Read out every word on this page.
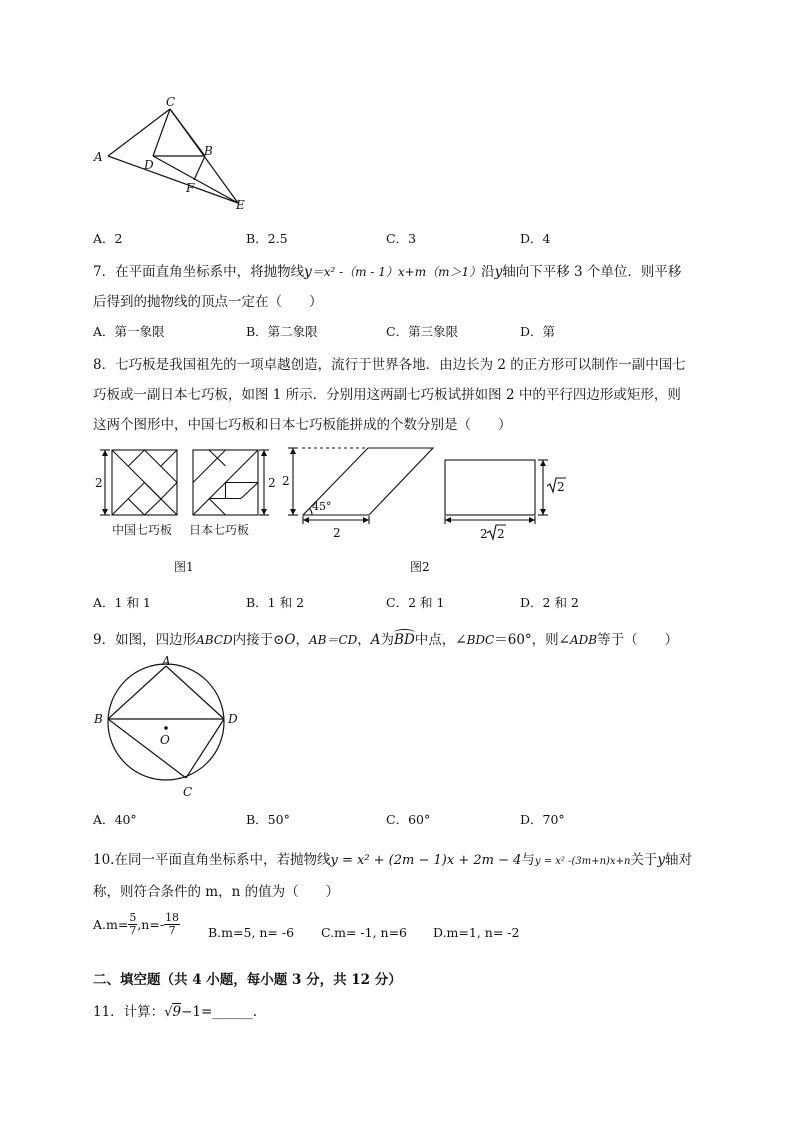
A
C
B
D
F
E
A．2	B．2.5	C．3	D．4
7．在平面直角坐标系中，将抛物线y＝x² -（m - 1）x+m（m＞1）沿y轴向下平移 3 个单位．则平移
后得到的抛物线的顶点一定在（　　）
A．第一象限	B．第二象限	C．第三象限	D．第
8．七巧板是我国祖先的一项卓越创造，流行于世界各地．由边长为 2 的正方形可以制作一副中国七
巧板或一副日本七巧板，如图 1 所示．分别用这两副七巧板试拼如图 2 中的平行四边形或矩形，则
这两个图形中，中国七巧板和日本七巧板能拼成的个数分别是（　　）
2	2 2
2
45°
2
2 2
中国七巧板 日本七巧板
图1	图2
A．1 和 1	B．1 和 2	C．2 和 1	D．2 和 2
9．如图，四边形ABCD内接于⊙O，AB＝CD，A为
BD中点，∠BDC＝60°，则∠ADB等于（　　）
A
B	D
O
C
A．40°	B．50°	C．60°	D．70°
10.在同一平面直角坐标系中，若抛物线y = x² + (2m − 1)x + 2m − 4与y = x² -(3m+n)x+n关于y轴对
称，则符合条件的 m，n 的值为（　　）
$A.m= \frac{5}{7} ,n=- \frac{18}{7} B.m=5$, n= -6 C.m= -1, n=6 D.m=1, n= -2
二、填空题（共 4 小题，每小题 3 分，共 12 分）
11．计算：√9−1=______.
